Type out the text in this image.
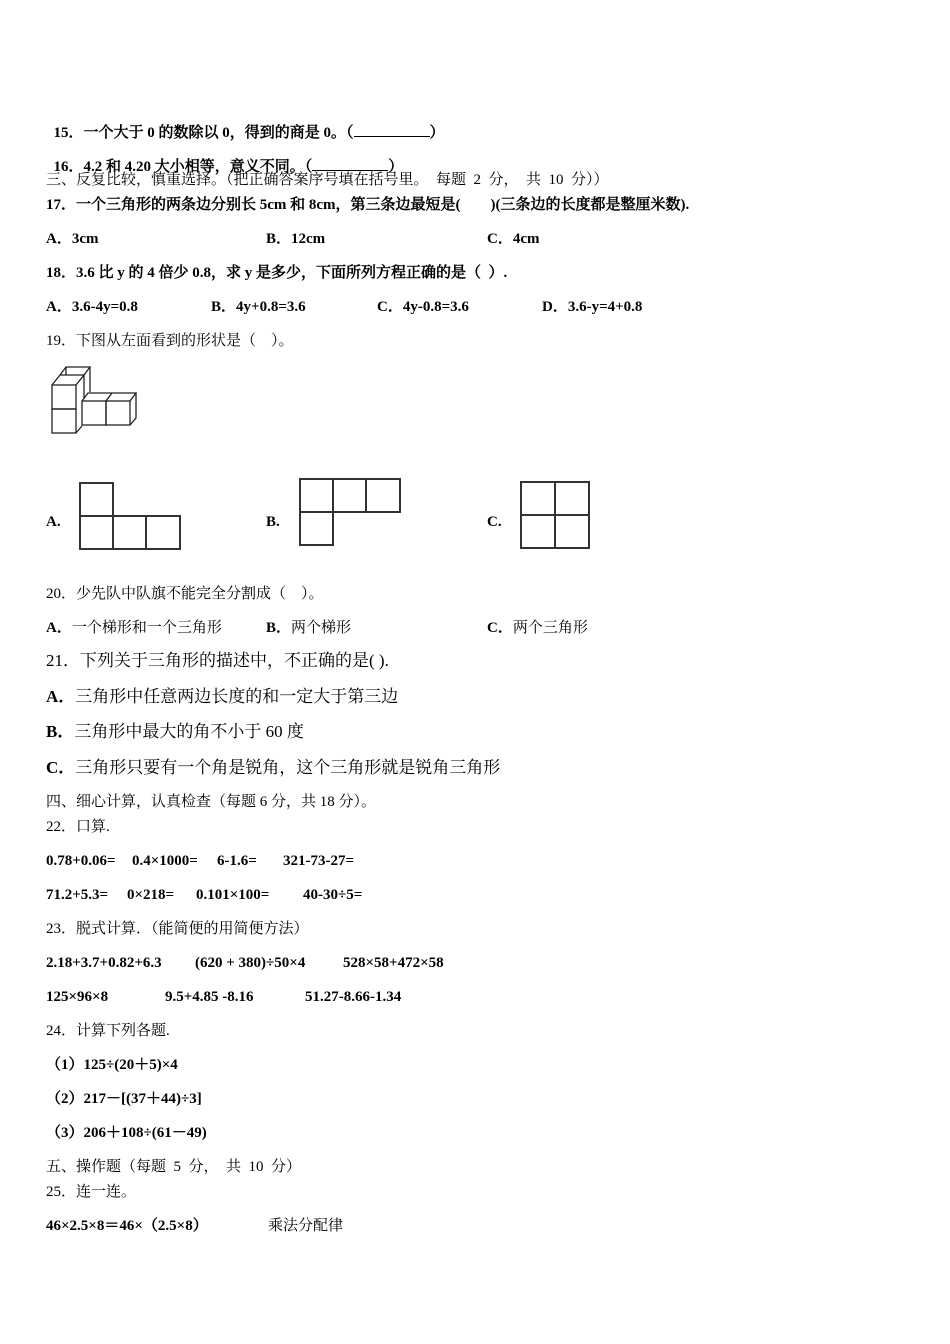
15．一个大于 0 的数除以 0，得到的商是 0。（	）

16．4.2 和 4.20 大小相等，意义不同。（	）

三、反复比较，慎重选择。（把正确答案序号填在括号里。  每题  2  分，  共  10  分））
17．一个三角形的两条边分别长 5cm 和 8cm，第三条边最短是(        )(三条边的长度都是整厘米数).
A．3cm	B．12cm	C．4cm
18．3.6 比 y 的 4 倍少 0.8，求 y 是多少，下面所列方程正确的是（  ）.
A．3.6-4y=0.8	B．4y+0.8=3.6	C．4y-0.8=3.6	D．3.6-y=4+0.8
19．下图从左面看到的形状是（    ）。
A.	B.	C.
20．少先队中队旗不能完全分割成（    ）。
A．一个梯形和一个三角形	B．两个梯形	C．两个三角形
21．下列关于三角形的描述中，不正确的是( ).
A．三角形中任意两边长度的和一定大于第三边
B．三角形中最大的角不小于 60 度
C．三角形只要有一个角是锐角，这个三角形就是锐角三角形
四、细心计算，认真检查（每题 6 分，共 18 分）。
22．口算.
0.78+0.06= 0.4×1000= 6-1.6= 321-73-27=
71.2+5.3= 0×218= 0.101×100= 40-30÷5=
23．脱式计算．（能简便的用简便方法）
2.18+3.7+0.82+6.3 (620 + 380)÷50×4	528×58+472×58
125×96×8	9.5+4.85 -8.16	51.27-8.66-1.34
24．计算下列各题.
（1）125÷(20＋5)×4
（2）217－[(37＋44)÷3]
（3）206＋108÷(61－49)
五、操作题（每题  5  分，  共  10  分）
25．连一连。
46×2.5×8＝46×（2.5×8）	乘法分配律
